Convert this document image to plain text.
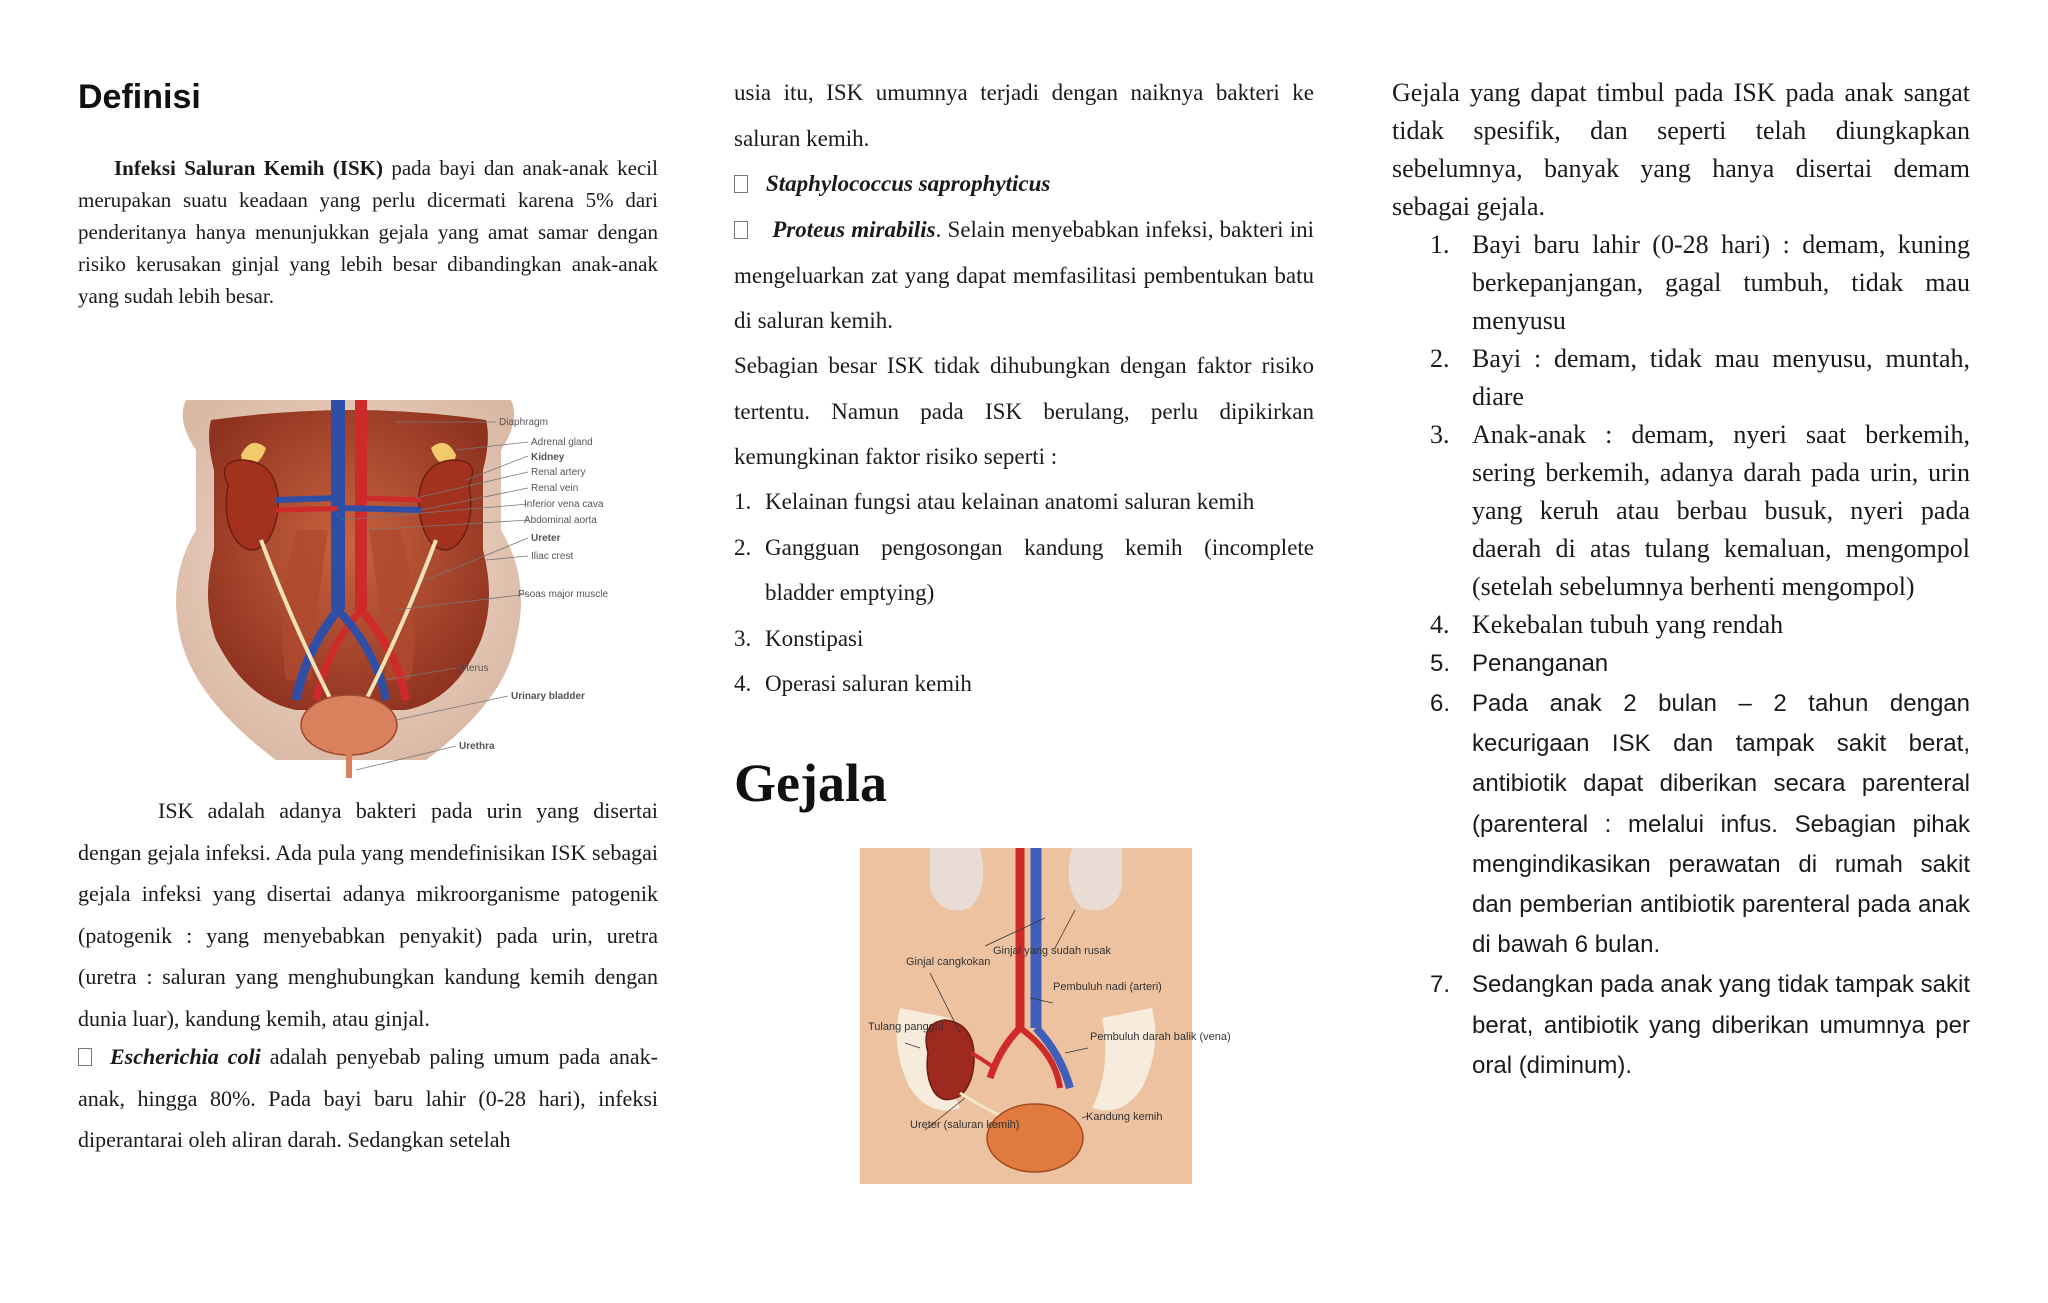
Definisi

Infeksi Saluran Kemih (ISK) pada bayi dan anak-anak kecil merupakan suatu keadaan yang perlu dicermati karena 5% dari penderitanya hanya menunjukkan gejala yang amat samar dengan risiko kerusakan ginjal yang lebih besar dibandingkan anak-anak yang sudah lebih besar.

Diaphragm
Adrenal gland
Kidney
Renal artery
Renal vein
Inferior vena cava
Abdominal aorta
Ureter
Iliac crest
Psoas major muscle
Uterus
Urinary bladder
Urethra

ISK adalah adanya bakteri pada urin yang disertai dengan gejala infeksi. Ada pula yang mendefinisikan ISK sebagai gejala infeksi yang disertai adanya mikroorganisme patogenik (patogenik : yang menyebabkan penyakit) pada urin, uretra (uretra : saluran yang menghubungkan kandung kemih dengan dunia luar), kandung kemih, atau ginjal.

Escherichia coli adalah penyebab paling umum pada anak-anak, hingga 80%. Pada bayi baru lahir (0-28 hari), infeksi diperantarai oleh aliran darah. Sedangkan setelah

usia itu, ISK umumnya terjadi dengan naiknya bakteri ke saluran kemih.

Staphylococcus saprophyticus

Proteus mirabilis. Selain menyebabkan infeksi, bakteri ini mengeluarkan zat yang dapat memfasilitasi pembentukan batu di saluran kemih.

Sebagian besar ISK tidak dihubungkan dengan faktor risiko tertentu. Namun pada ISK berulang, perlu dipikirkan kemungkinan faktor risiko seperti :

1. Kelainan fungsi atau kelainan anatomi saluran kemih
2. Gangguan pengosongan kandung kemih (incomplete bladder emptying)
3. Konstipasi
4. Operasi saluran kemih
Gejala
Ginjal yang sudah rusak
Ginjal cangkokan
Pembuluh nadi (arteri)
Tulang panggul
Pembuluh darah balik (vena)
Kandung kemih
Ureter (saluran kemih)

Gejala yang dapat timbul pada ISK pada anak sangat tidak spesifik, dan seperti telah diungkapkan sebelumnya, banyak yang hanya disertai demam sebagai gejala.

1. Bayi baru lahir (0-28 hari) : demam, kuning berkepanjangan, gagal tumbuh, tidak mau menyusu
2. Bayi : demam, tidak mau menyusu, muntah, diare
3. Anak-anak : demam, nyeri saat berkemih, sering berkemih, adanya darah pada urin, urin yang keruh atau berbau busuk, nyeri pada daerah di atas tulang kemaluan, mengompol (setelah sebelumnya berhenti mengompol)
4. Kekebalan tubuh yang rendah
5. Penanganan
6. Pada anak 2 bulan – 2 tahun dengan kecurigaan ISK dan tampak sakit berat, antibiotik dapat diberikan secara parenteral (parenteral : melalui infus. Sebagian pihak mengindikasikan perawatan di rumah sakit dan pemberian antibiotik parenteral pada anak di bawah 6 bulan.
7. Sedangkan pada anak yang tidak tampak sakit berat, antibiotik yang diberikan umumnya per oral (diminum).
